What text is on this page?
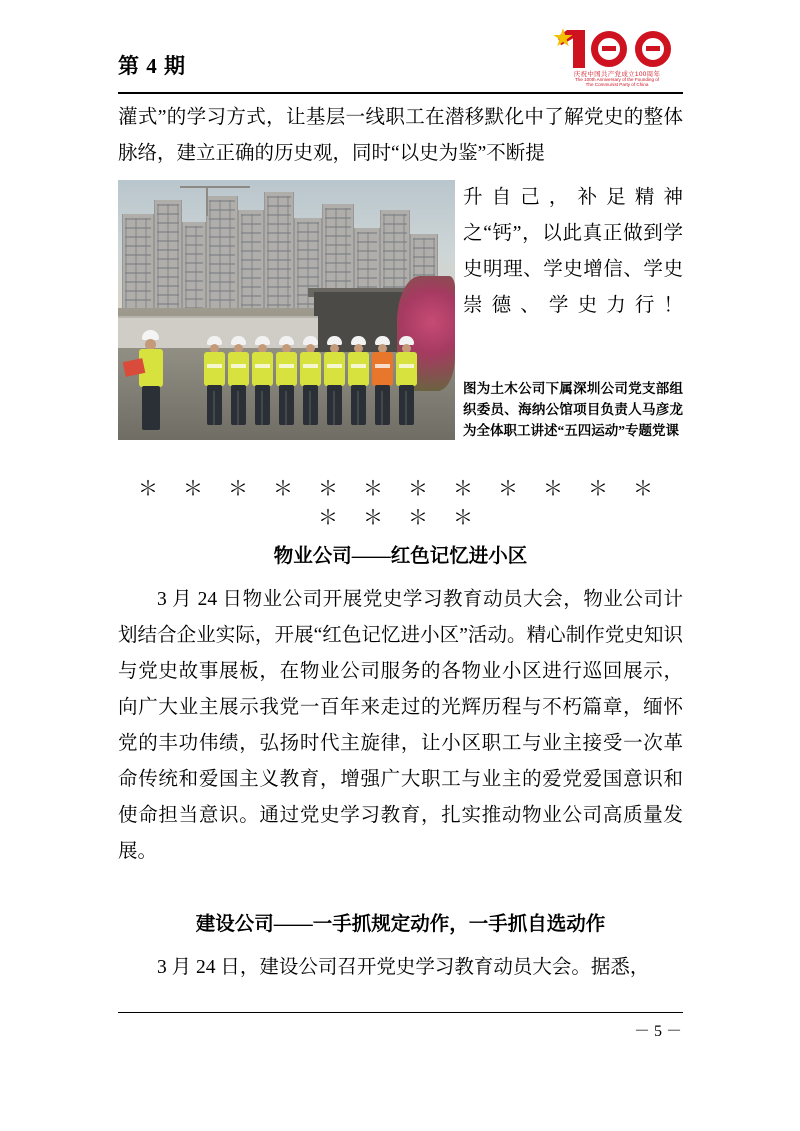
第 4 期	庆祝中国共产党成立100周年
The 100th Anniversary of the Founding of
The Communist Party of China
灌式”的学习方式，让基层一线职工在潜移默化中了解党史的整体脉络，建立正确的历史观，同时“以史为鉴”不断提
升自己，补足精神之“钙”，以此真正做到学史明理、学史增信、学史崇德、学史力行！
图为土木公司下属深圳公司党支部组织委员、海纳公馆项目负责人马彦龙为全体职工讲述“五四运动”专题党课
＊ ＊ ＊ ＊ ＊ ＊ ＊ ＊ ＊ ＊ ＊ ＊ ＊ ＊ ＊ ＊
物业公司——红色记忆进小区
3 月 24 日物业公司开展党史学习教育动员大会，物业公司计划结合企业实际，开展“红色记忆进小区”活动。精心制作党史知识与党史故事展板，在物业公司服务的各物业小区进行巡回展示，向广大业主展示我党一百年来走过的光辉历程与不朽篇章，缅怀党的丰功伟绩，弘扬时代主旋律，让小区职工与业主接受一次革命传统和爱国主义教育，增强广大职工与业主的爱党爱国意识和使命担当意识。通过党史学习教育，扎实推动物业公司高质量发展。
建设公司——一手抓规定动作，一手抓自选动作
3 月 24 日，建设公司召开党史学习教育动员大会。据悉，
－ 5 －
